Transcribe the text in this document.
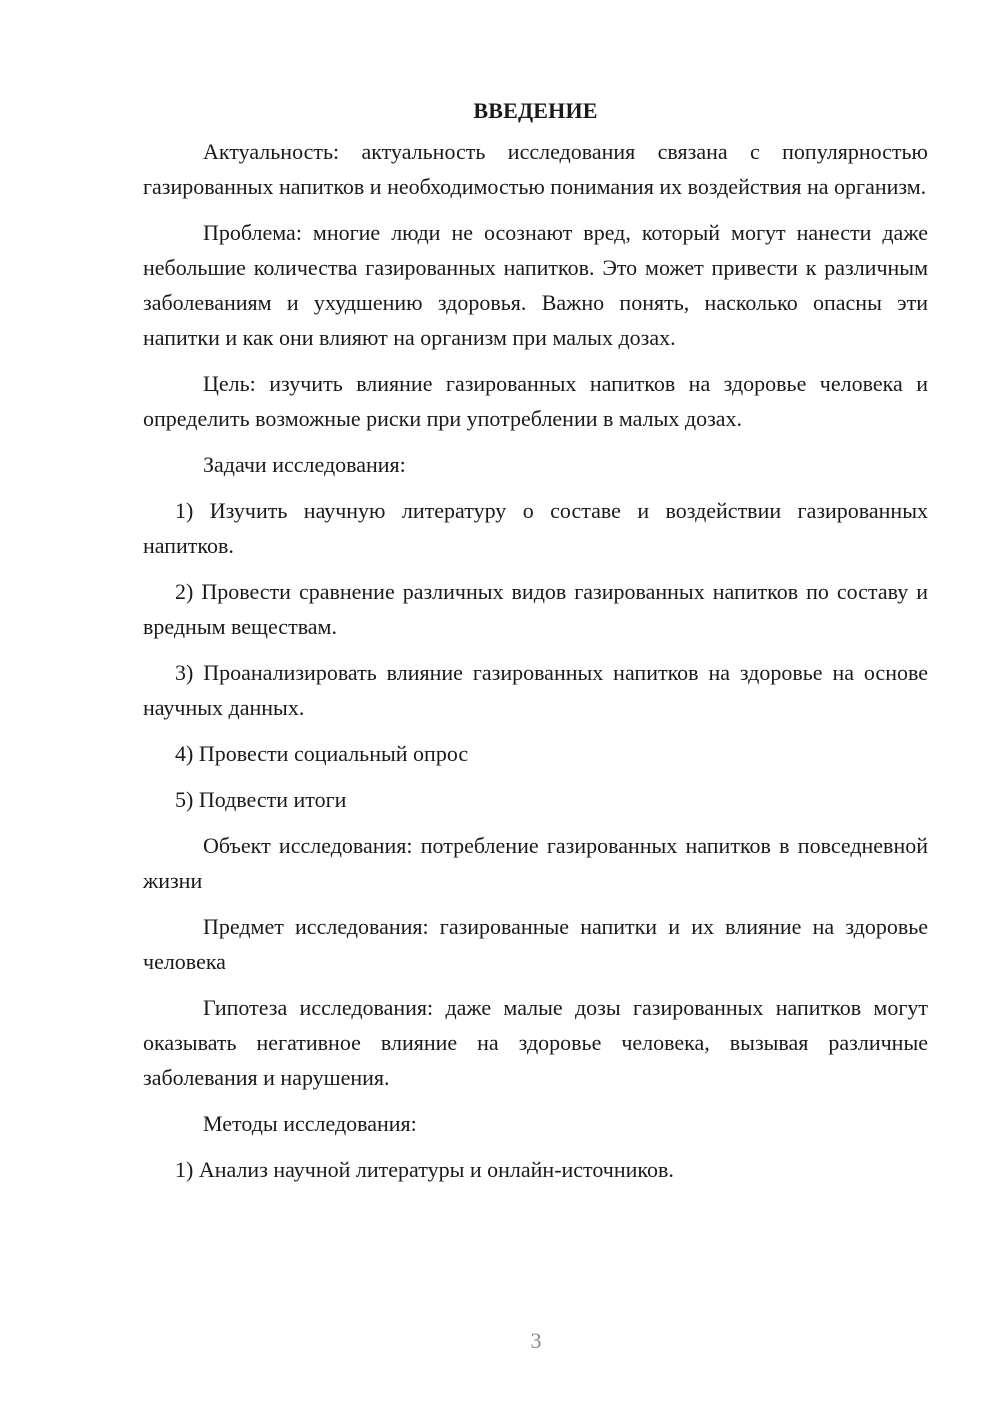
ВВЕДЕНИЕ

Актуальность: актуальность исследования связана с популярностью газированных напитков и необходимостью понимания их воздействия на организм.

Проблема: многие люди не осознают вред, который могут нанести даже небольшие количества газированных напитков. Это может привести к различным заболеваниям и ухудшению здоровья. Важно понять, насколько опасны эти напитки и как они влияют на организм при малых дозах.

Цель: изучить влияние газированных напитков на здоровье человека и определить возможные риски при употреблении в малых дозах.

Задачи исследования:

1) Изучить научную литературу о составе и воздействии газированных напитков.

2) Провести сравнение различных видов газированных напитков по составу и вредным веществам.

3) Проанализировать влияние газированных напитков на здоровье на основе научных данных.

4) Провести социальный опрос

5) Подвести итоги

Объект исследования: потребление газированных напитков в повседневной жизни

Предмет исследования: газированные напитки и их влияние на здоровье человека

Гипотеза исследования: даже малые дозы газированных напитков могут оказывать негативное влияние на здоровье человека, вызывая различные заболевания и нарушения.

Методы исследования:

1) Анализ научной литературы и онлайн-источников.

3
